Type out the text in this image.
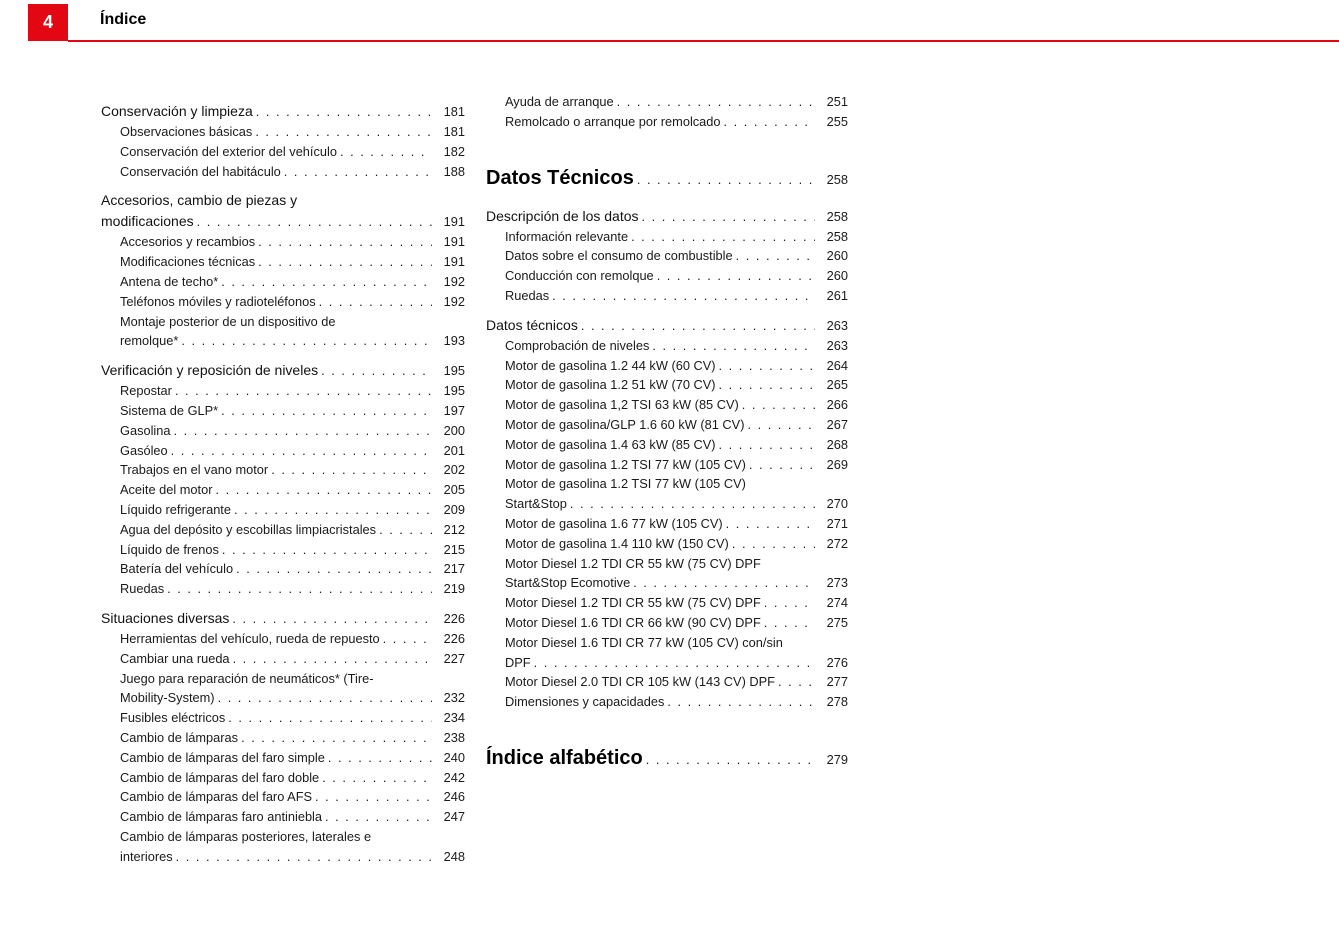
4	Índice
Conservación y limpieza . . .	181
Observaciones básicas . . .	181
Conservación del exterior del vehículo . . .	182
Conservación del habitáculo . . .	188
Accesorios, cambio de piezas y
modificaciones . . .	191
Accesorios y recambios . . .	191
Modificaciones técnicas . . .	191
Antena de techo* . . .	192
Teléfonos móviles y radioteléfonos . . .	192
Montaje posterior de un dispositivo de
remolque* . . .	193
Verificación y reposición de niveles . . .	195
Repostar . . .	195
Sistema de GLP* . . .	197
Gasolina . . .	200
Gasóleo . . .	201
Trabajos en el vano motor . . .	202
Aceite del motor . . .	205
Líquido refrigerante . . .	209
Agua del depósito y escobillas limpiacristales . . .	212
Líquido de frenos . . .	215
Batería del vehículo . . .	217
Ruedas . . .	219
Situaciones diversas . . .	226
Herramientas del vehículo, rueda de repuesto . . .	226
Cambiar una rueda . . .	227
Juego para reparación de neumáticos* (Tire-
Mobility-System) . . .	232
Fusibles eléctricos . . .	234
Cambio de lámparas . . .	238
Cambio de lámparas del faro simple . . .	240
Cambio de lámparas del faro doble . . .	242
Cambio de lámparas del faro AFS . . .	246
Cambio de lámparas faro antiniebla . . .	247
Cambio de lámparas posteriores, laterales e
interiores . . .	248
Ayuda de arranque . . .	251
Remolcado o arranque por remolcado . . .	255
Datos Técnicos . . .	258
Descripción de los datos . . .	258
Información relevante . . .	258
Datos sobre el consumo de combustible . . .	260
Conducción con remolque . . .	260
Ruedas . . .	261
Datos técnicos . . .	263
Comprobación de niveles . . .	263
Motor de gasolina 1.2 44 kW (60 CV) . . .	264
Motor de gasolina 1.2 51 kW (70 CV) . . .	265
Motor de gasolina 1,2 TSI 63 kW (85 CV) . . .	266
Motor de gasolina/GLP 1.6 60 kW (81 CV) . . .	267
Motor de gasolina 1.4 63 kW (85 CV) . . .	268
Motor de gasolina 1.2 TSI 77 kW (105 CV) . . .	269
Motor de gasolina 1.2 TSI 77 kW (105 CV)
Start&Stop . . .	270
Motor de gasolina 1.6 77 kW (105 CV) . . .	271
Motor de gasolina 1.4 110 kW (150 CV) . . .	272
Motor Diesel 1.2 TDI CR 55 kW (75 CV) DPF
Start&Stop Ecomotive . . .	273
Motor Diesel 1.2 TDI CR 55 kW (75 CV) DPF . . .	274
Motor Diesel 1.6 TDI CR 66 kW (90 CV) DPF . . .	275
Motor Diesel 1.6 TDI CR 77 kW (105 CV) con/sin
DPF . . .	276
Motor Diesel 2.0 TDI CR 105 kW (143 CV) DPF . . .	277
Dimensiones y capacidades . . .	278
Índice alfabético . . .	279
